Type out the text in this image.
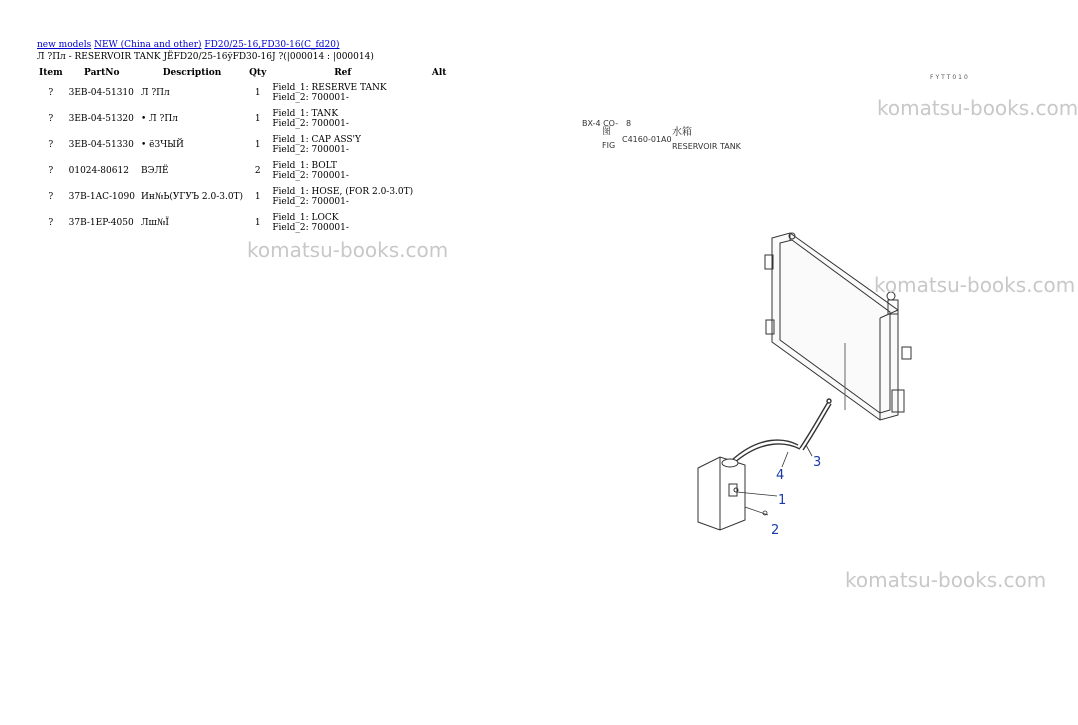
new models NEW (China and other) FD20/25-16,FD30-16(C_fd20)
Л ?Пл - RESERVOIR TANK JËFD20/25-16ÿFD30-16J ?(|000014 : |000014)
Item	PartNo	Description	Qty	Ref	Alt
?	3EB-04-51310	Л ?Пл	1	Field_1: RESERVE TANK
Field_2: 700001-	

?	3EB-04-51320	• Л ?Пл	1	Field_1: TANK
Field_2: 700001-	

?	3EB-04-51330	• ё3ЧЫЙ	1	Field_1: CAP ASS'Y
Field_2: 700001-	

?	01024-80612	ВЭЛЁ	2	Field_1: BOLT
Field_2: 700001-	

?	37B-1AC-1090	Ин№Ь(УГУЪ 2.0-3.0T)	1	Field_1: HOSE, (FOR 2.0-3.0T)
Field_2: 700001-	

?	37B-1EP-4050	Лш№Ї	1	Field_1: LOCK
Field_2: 700001-	

FYTT010
BX-4 CO- 8
图
FIG
C4160-01A0
水箱
RESERVOIR TANK
1
2
3
4
komatsu-books.com
komatsu-books.com
komatsu-books.com
komatsu-books.com
